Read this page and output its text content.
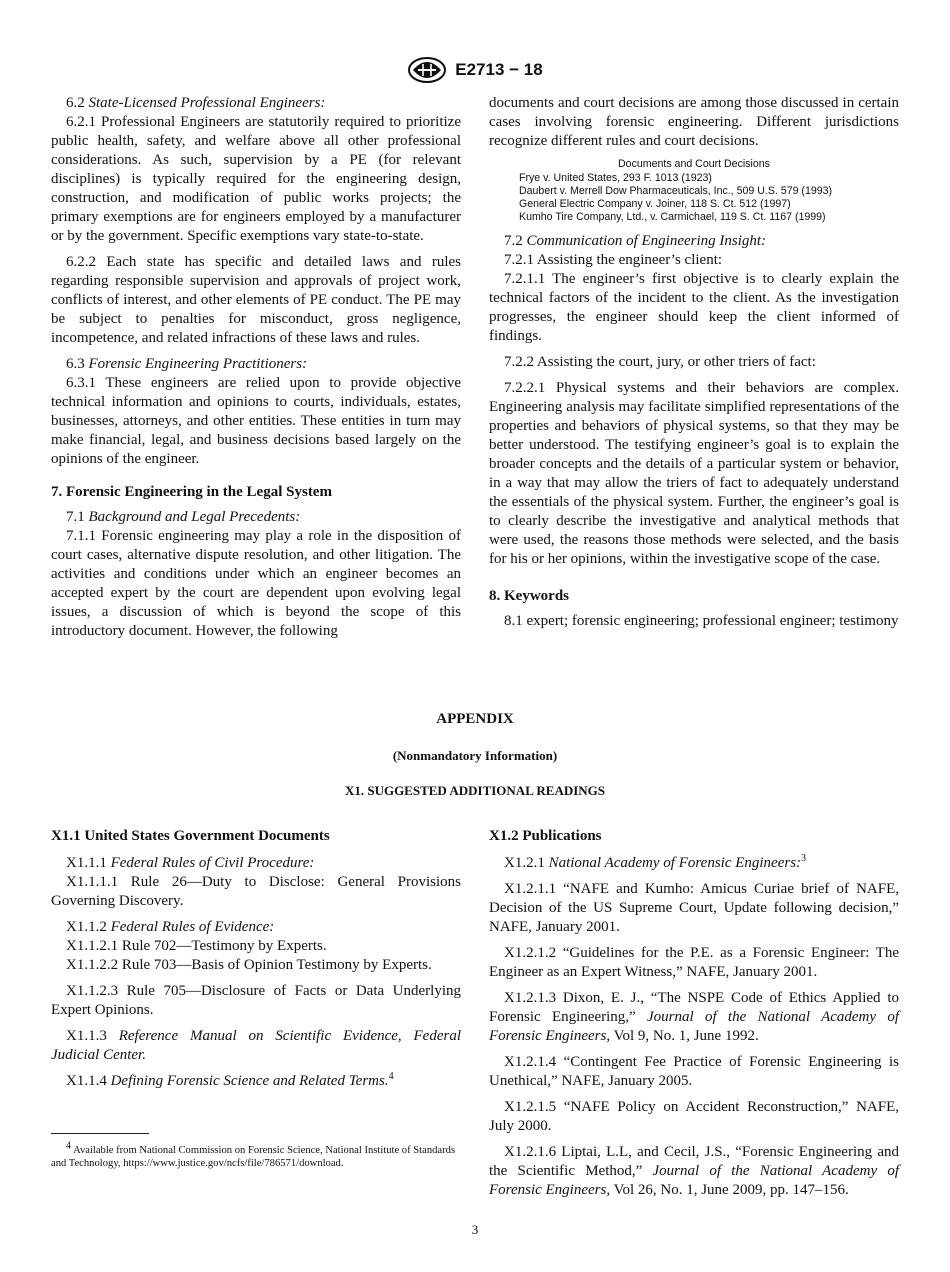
E2713 − 18

6.2 State-Licensed Professional Engineers:

6.2.1 Professional Engineers are statutorily required to prioritize public health, safety, and welfare above all other professional considerations. As such, supervision by a PE (for relevant disciplines) is typically required for the engineering design, construction, and modification of public works projects; the primary exemptions are for engineers employed by a manufacturer or by the government. Specific exemptions vary state-to-state.

6.2.2 Each state has specific and detailed laws and rules regarding responsible supervision and approvals of project work, conflicts of interest, and other elements of PE conduct. The PE may be subject to penalties for misconduct, gross negligence, incompetence, and related infractions of these laws and rules.

6.3 Forensic Engineering Practitioners:

6.3.1 These engineers are relied upon to provide objective technical information and opinions to courts, individuals, estates, businesses, attorneys, and other entities. These entities in turn may make financial, legal, and business decisions based largely on the opinions of the engineer.

7. Forensic Engineering in the Legal System

7.1 Background and Legal Precedents:

7.1.1 Forensic engineering may play a role in the disposition of court cases, alternative dispute resolution, and other litigation. The activities and conditions under which an engineer becomes an accepted expert by the court are dependent upon evolving legal issues, a discussion of which is beyond the scope of this introductory document. However, the following

documents and court decisions are among those discussed in certain cases involving forensic engineering. Different jurisdictions recognize different rules and court decisions.

Documents and Court Decisions
Frye v. United States, 293 F. 1013 (1923)
Daubert v. Merrell Dow Pharmaceuticals, Inc., 509 U.S. 579 (1993)
General Electric Company v. Joiner, 118 S. Ct. 512 (1997)
Kumho Tire Company, Ltd., v. Carmichael, 119 S. Ct. 1167 (1999)

7.2 Communication of Engineering Insight:

7.2.1 Assisting the engineer’s client:

7.2.1.1 The engineer’s first objective is to clearly explain the technical factors of the incident to the client. As the investigation progresses, the engineer should keep the client informed of findings.

7.2.2 Assisting the court, jury, or other triers of fact:

7.2.2.1 Physical systems and their behaviors are complex. Engineering analysis may facilitate simplified representations of the properties and behaviors of physical systems, so that they may be better understood. The testifying engineer’s goal is to explain the broader concepts and the details of a particular system or behavior, in a way that may allow the triers of fact to adequately understand the essentials of the physical system. Further, the engineer’s goal is to clearly describe the investigative and analytical methods that were used, the reasons those methods were selected, and the basis for his or her opinions, within the investigative scope of the case.

8. Keywords

8.1 expert; forensic engineering; professional engineer; testimony

APPENDIX
(Nonmandatory Information)
X1. SUGGESTED ADDITIONAL READINGS

X1.1 United States Government Documents

X1.1.1 Federal Rules of Civil Procedure:

X1.1.1.1 Rule 26—Duty to Disclose: General Provisions Governing Discovery.

X1.1.2 Federal Rules of Evidence:

X1.1.2.1 Rule 702—Testimony by Experts.

X1.1.2.2 Rule 703—Basis of Opinion Testimony by Experts.

X1.1.2.3 Rule 705—Disclosure of Facts or Data Underlying Expert Opinions.

X1.1.3 Reference Manual on Scientific Evidence, Federal Judicial Center.

X1.1.4 Defining Forensic Science and Related Terms.$^4$

X1.2 Publications

X1.2.1 National Academy of Forensic Engineers:$^3$

X1.2.1.1 “NAFE and Kumho: Amicus Curiae brief of NAFE, Decision of the US Supreme Court, Update following decision,” NAFE, January 2001.

X1.2.1.2 “Guidelines for the P.E. as a Forensic Engineer: The Engineer as an Expert Witness,” NAFE, January 2001.

X1.2.1.3 Dixon, E. J., “The NSPE Code of Ethics Applied to Forensic Engineering,” Journal of the National Academy of Forensic Engineers, Vol 9, No. 1, June 1992.

X1.2.1.4 “Contingent Fee Practice of Forensic Engineering is Unethical,” NAFE, January 2005.

X1.2.1.5 “NAFE Policy on Accident Reconstruction,” NAFE, July 2000.

X1.2.1.6 Liptai, L.L, and Cecil, J.S., “Forensic Engineering and the Scientific Method,” Journal of the National Academy of Forensic Engineers, Vol 26, No. 1, June 2009, pp. 147–156.

$^4$ Available from National Commission on Forensic Science, National Institute of Standards and Technology, https://www.justice.gov/ncfs/file/786571/download.
3
